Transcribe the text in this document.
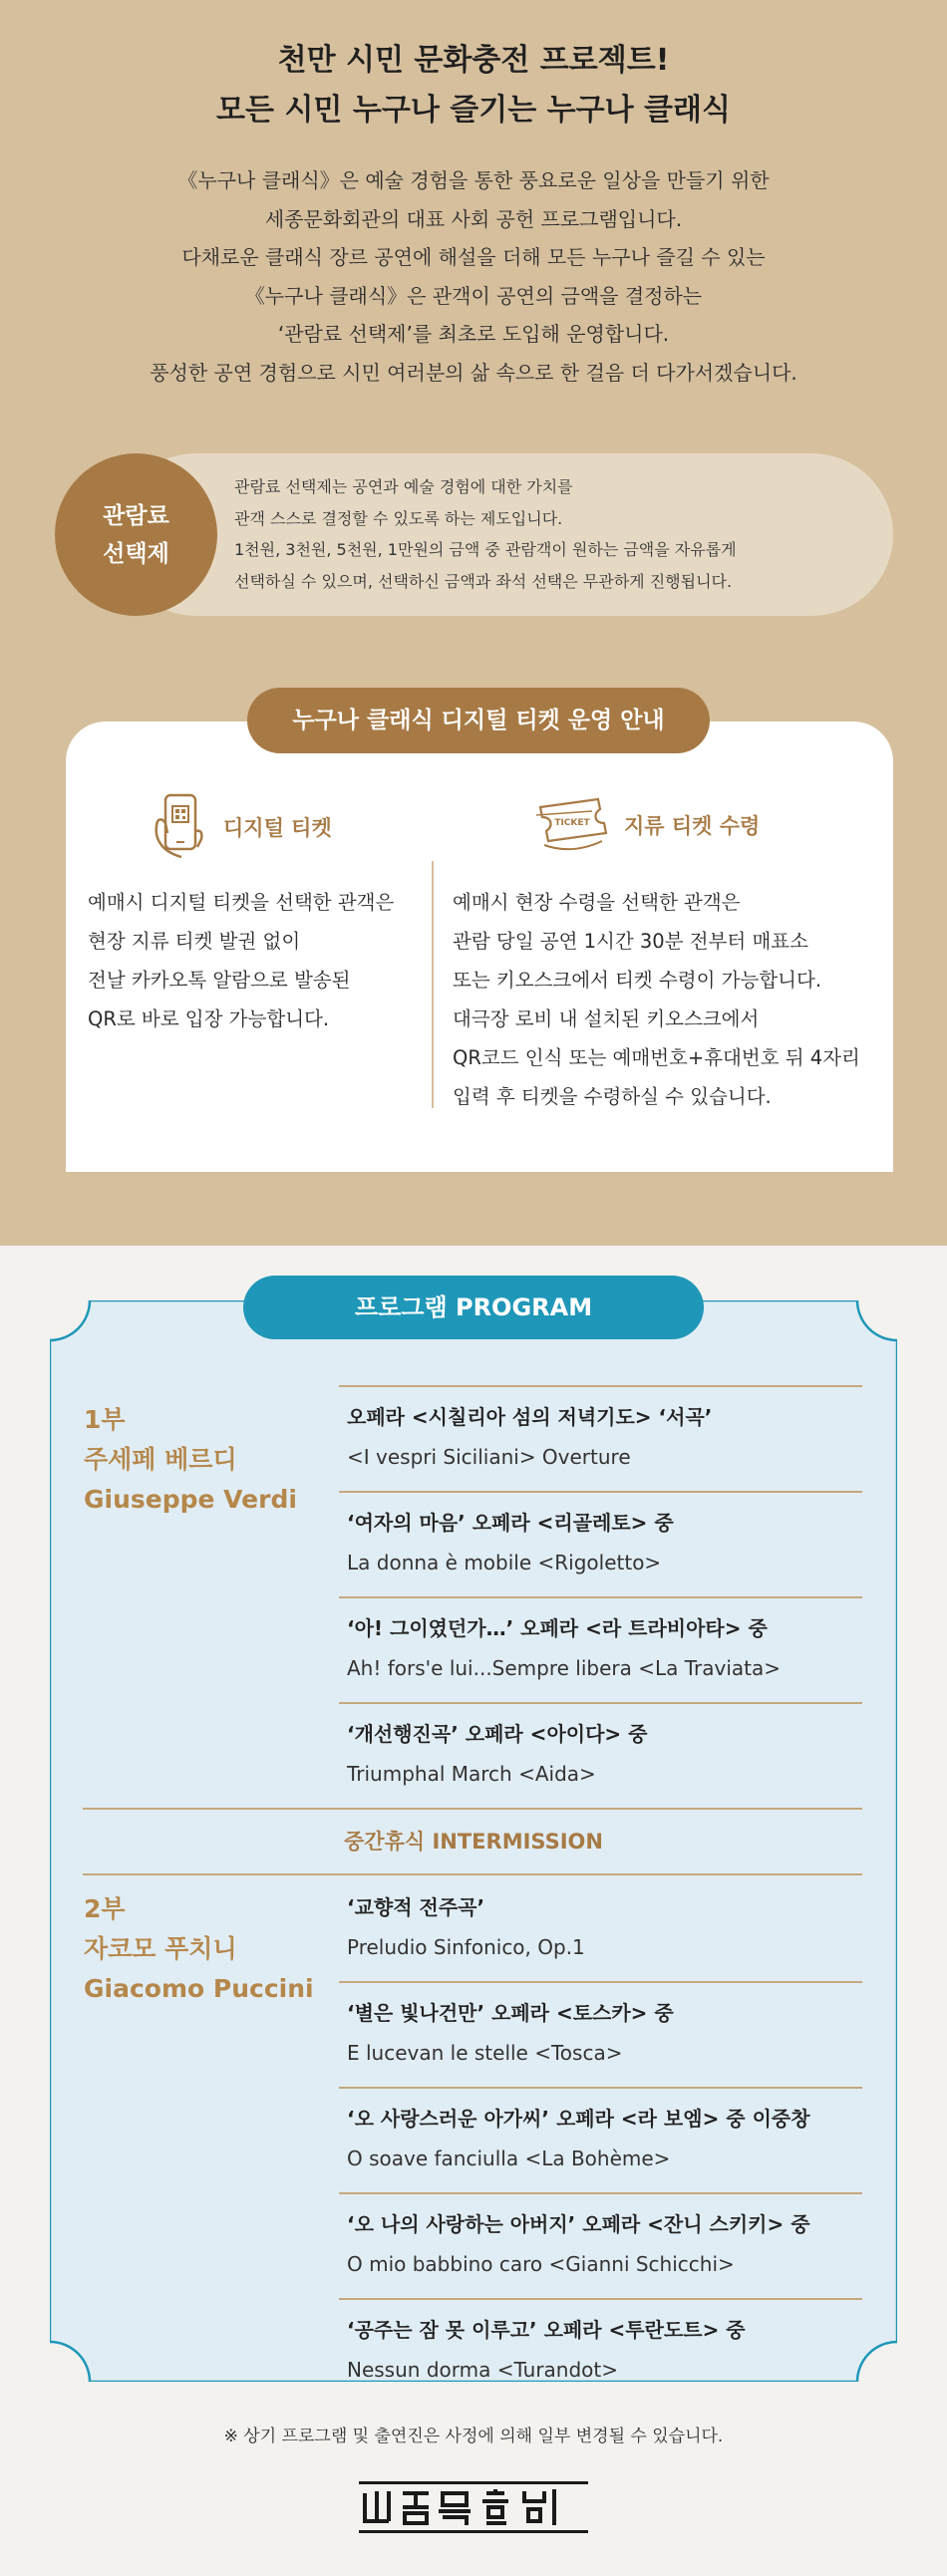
천만 시민 문화충전 프로젝트!
모든 시민 누구나 즐기는 누구나 클래식
《누구나 클래식》은 예술 경험을 통한 풍요로운 일상을 만들기 위한
세종문화회관의 대표 사회 공헌 프로그램입니다.
다채로운 클래식 장르 공연에 해설을 더해 모든 누구나 즐길 수 있는
《누구나 클래식》은 관객이 공연의 금액을 결정하는
‘관람료 선택제’를 최초로 도입해 운영합니다.
풍성한 공연 경험으로 시민 여러분의 삶 속으로 한 걸음 더 다가서겠습니다.
관람료
선택제
관람료 선택제는 공연과 예술 경험에 대한 가치를
관객 스스로 결정할 수 있도록 하는 제도입니다.
1천원, 3천원, 5천원, 1만원의 금액 중 관람객이 원하는 금액을 자유롭게
선택하실 수 있으며, 선택하신 금액과 좌석 선택은 무관하게 진행됩니다.
디지털 티켓
예매시 디지털 티켓을 선택한 관객은
현장 지류 티켓 발권 없이
전날 카카오톡 알람으로 발송된
QR로 바로 입장 가능합니다.
TICKET 지류 티켓 수령
예매시 현장 수령을 선택한 관객은
관람 당일 공연 1시간 30분 전부터 매표소
또는 키오스크에서 티켓 수령이 가능합니다.
대극장 로비 내 설치된 키오스크에서
QR코드 인식 또는 예매번호+휴대번호 뒤 4자리
입력 후 티켓을 수령하실 수 있습니다.
누구나 클래식 디지털 티켓 운영 안내
프로그램 PROGRAM
1부
주세페 베르디
Giuseppe Verdi
오페라 <시칠리아 섬의 저녁기도> ‘서곡’
<I vespri Siciliani> Overture
‘여자의 마음’ 오페라 <리골레토> 중
La donna è mobile <Rigoletto>
‘아! 그이였던가…’ 오페라 <라 트라비아타> 중
Ah! fors'e lui...Sempre libera <La Traviata>
‘개선행진곡’ 오페라 <아이다> 중
Triumphal March <Aida>
중간휴식 INTERMISSION
2부
자코모 푸치니
Giacomo Puccini
‘교향적 전주곡’
Preludio Sinfonico, Op.1
‘별은 빛나건만’ 오페라 <토스카> 중
E lucevan le stelle <Tosca>
‘오 사랑스러운 아가씨’ 오페라 <라 보엠> 중 이중창
O soave fanciulla <La Bohème>
‘오 나의 사랑하는 아버지’ 오페라 <잔니 스키키> 중
O mio babbino caro <Gianni Schicchi>
‘공주는 잠 못 이루고’ 오페라 <투란도트> 중
Nessun dorma <Turandot>
※ 상기 프로그램 및 출연진은 사정에 의해 일부 변경될 수 있습니다.
세종문화회관
